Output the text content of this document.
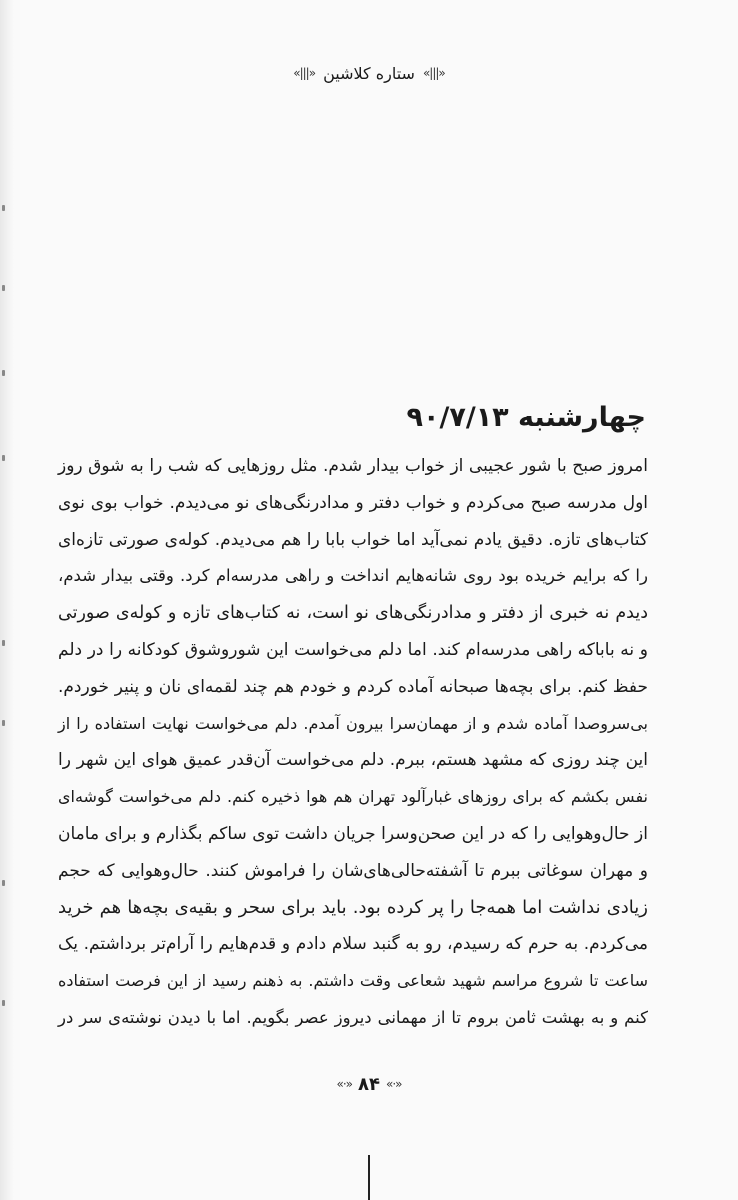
«|||»
ستاره کلاشین
«|||»
چهارشنبه ۹۰/۷/۱۳
امروز صبح با شور عجیبی از خواب بیدار شدم. مثل روزهایی که شب را به شوق روز
اول مدرسه صبح می‌کردم و خواب دفتر و مدادرنگی‌های نو می‌دیدم. خواب بوی نوی
کتاب‌های تازه. دقیق یادم نمی‌آید اما خواب بابا را هم می‌دیدم. کوله‌ی صورتی تازه‌ای
را که برایم خریده بود روی شانه‌هایم انداخت و راهی مدرسه‌ام کرد. وقتی بیدار شدم،
دیدم نه خبری از دفتر و مدادرنگی‌های نو است، نه کتاب‌های تازه و کوله‌ی صورتی
و نه باباکه راهی مدرسه‌ام کند. اما دلم می‌خواست این شوروشوق کودکانه را در دلم
حفظ کنم. برای بچه‌ها صبحانه آماده کردم و خودم هم چند لقمه‌ای نان و پنیر خوردم.
بی‌سروصدا آماده شدم و از مهمان‌سرا بیرون آمدم. دلم می‌خواست نهایت استفاده را از
این چند روزی که مشهد هستم، ببرم. دلم می‌خواست آن‌قدر عمیق هوای این شهر را
نفس بکشم که برای روزهای غبارآلود تهران هم هوا ذخیره کنم. دلم می‌خواست گوشه‌ای
از حال‌وهوایی را که در این صحن‌وسرا جریان داشت توی ساکم بگذارم و برای مامان
و مهران سوغاتی ببرم تا آشفته‌حالی‌های‌شان را فراموش کنند. حال‌وهوایی که حجم
زیادی نداشت اما همه‌جا را پر کرده بود. باید برای سحر و بقیه‌ی بچه‌ها هم خرید
می‌کردم. به حرم که رسیدم، رو به گنبد سلام دادم و قدم‌هایم را آرام‌تر برداشتم. یک
ساعت تا شروع مراسم شهید شعاعی وقت داشتم. به ذهنم رسید از این فرصت استفاده
کنم و به بهشت ثامن بروم تا از مهمانی دیروز عصر بگویم. اما با دیدن نوشته‌ی سر در
«·»
۸۴
«·»
